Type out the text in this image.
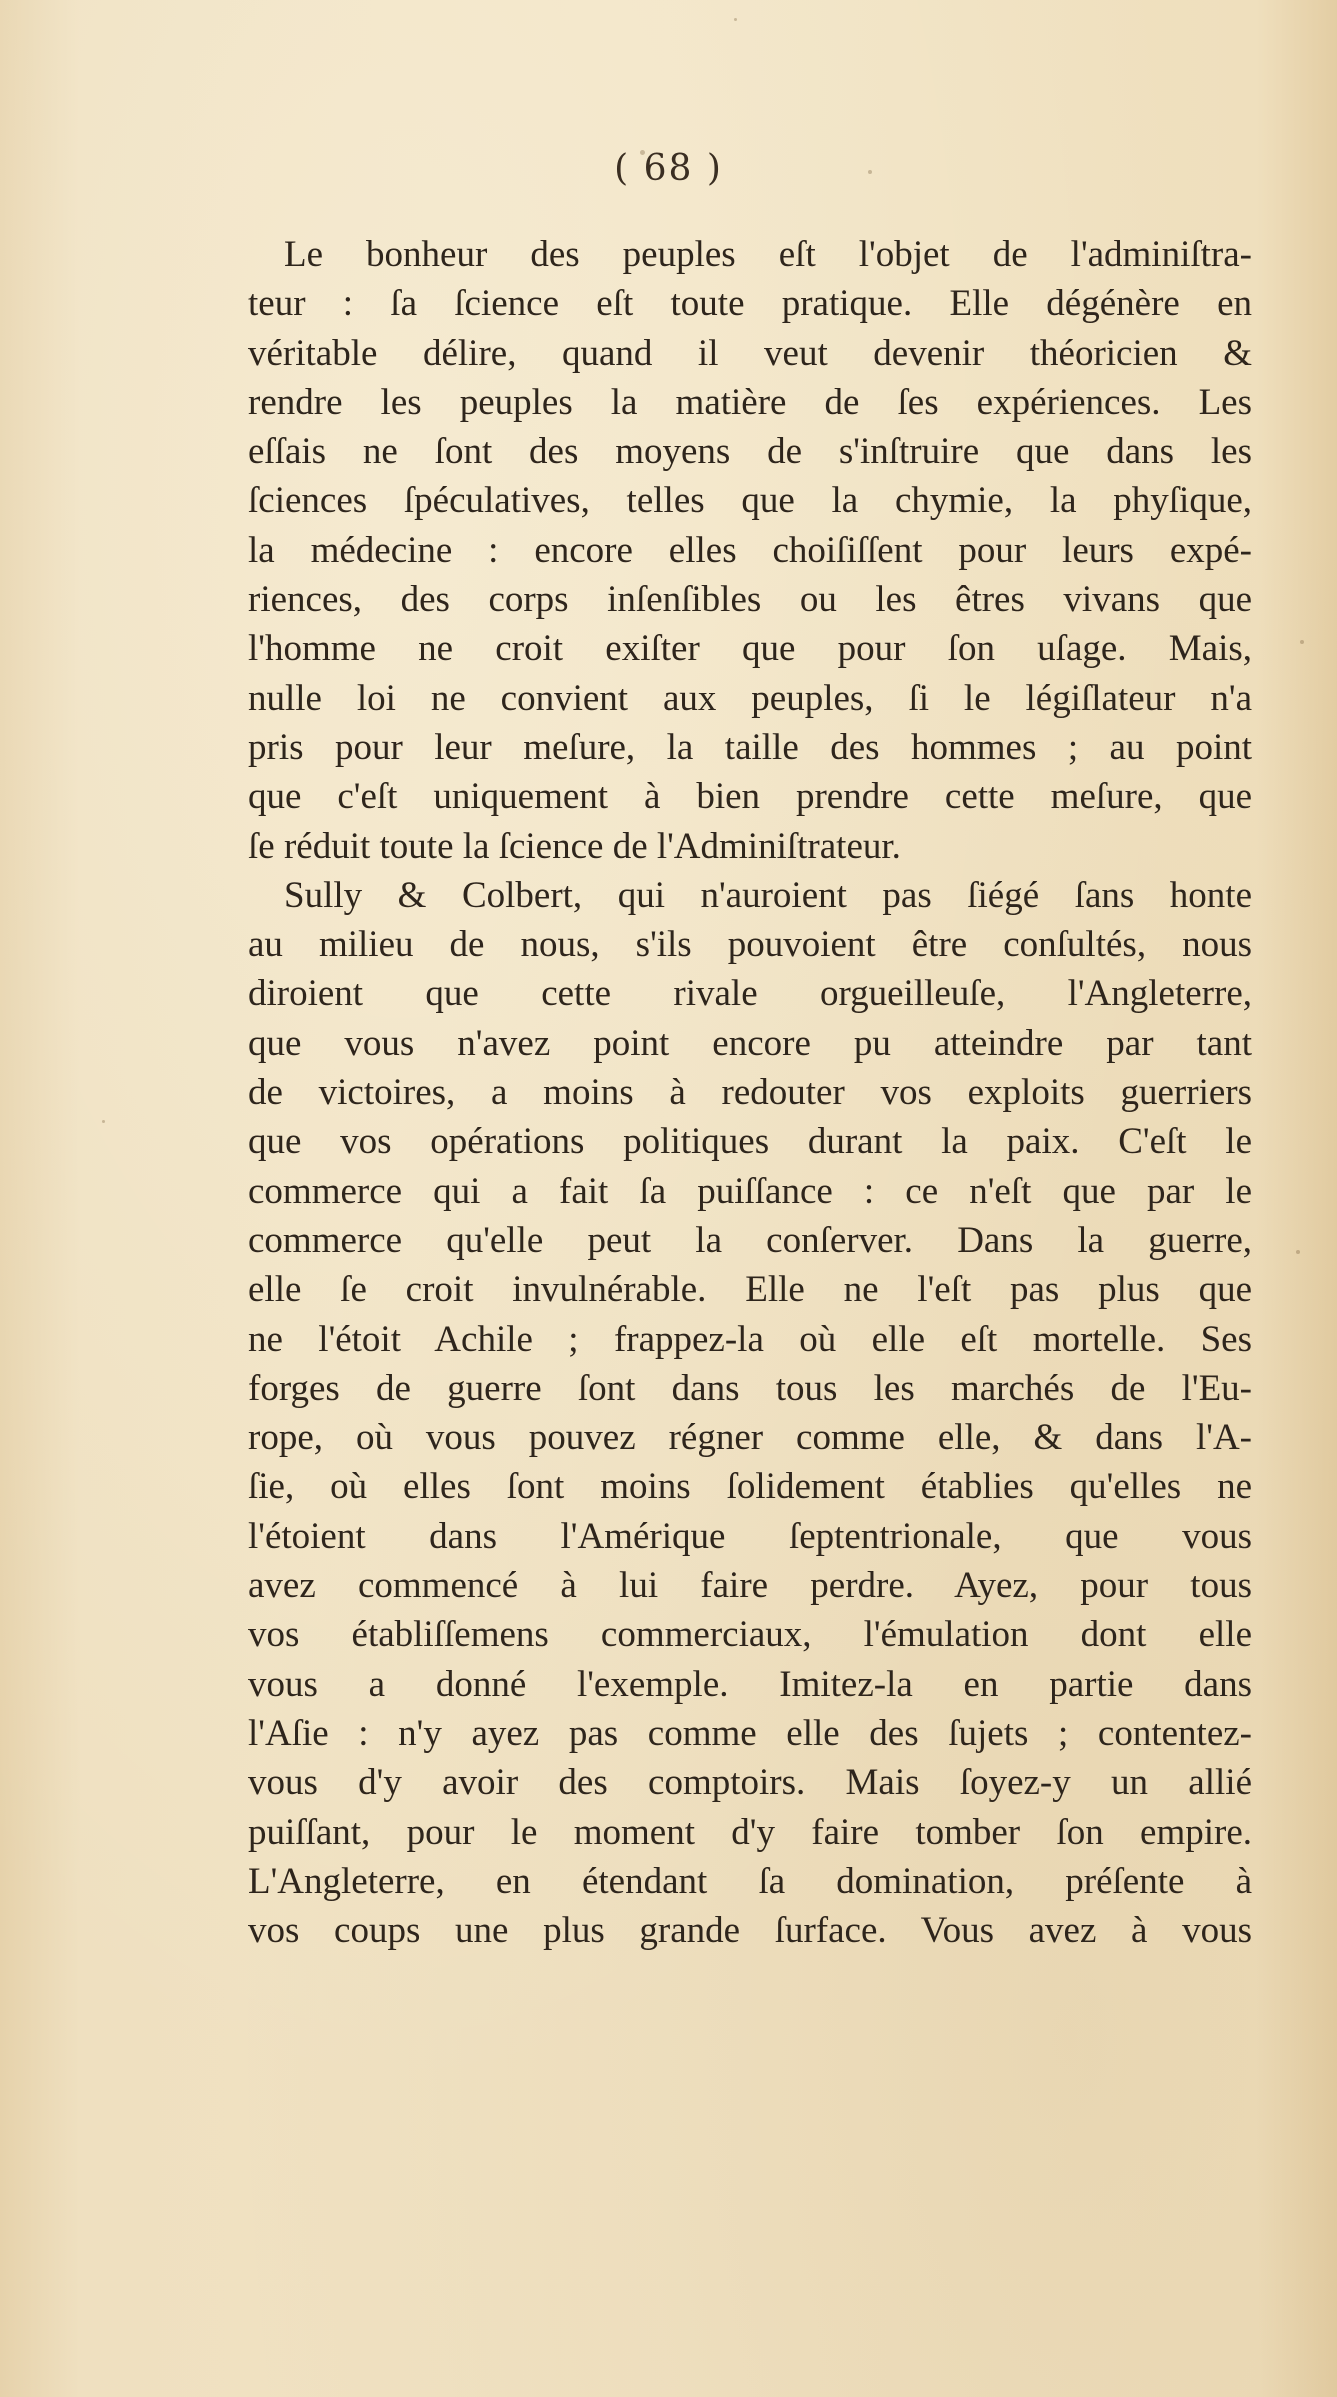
( 68 )

Le bonheur des peuples eſt l'objet de l'adminiſtra-
teur : ſa ſcience eſt toute pratique. Elle dégénère en
véritable délire, quand il veut devenir théoricien &
rendre les peuples la matière de ſes expériences. Les
eſſais ne ſont des moyens de s'inſtruire que dans les
ſciences ſpéculatives, telles que la chymie, la phyſique,
la médecine : encore elles choiſiſſent pour leurs expé-
riences, des corps inſenſibles ou les êtres vivans que
l'homme ne croit exiſter que pour ſon uſage. Mais,
nulle loi ne convient aux peuples, ſi le légiſlateur n'a
pris pour leur meſure, la taille des hommes ; au point
que c'eſt uniquement à bien prendre cette meſure, que
ſe réduit toute la ſcience de l'Adminiſtrateur.

Sully & Colbert, qui n'auroient pas ſiégé ſans honte
au milieu de nous, s'ils pouvoient être conſultés, nous
diroient que cette rivale orgueilleuſe, l'Angleterre,
que vous n'avez point encore pu atteindre par tant
de victoires, a moins à redouter vos exploits guerriers
que vos opérations politiques durant la paix. C'eſt le
commerce qui a fait ſa puiſſance : ce n'eſt que par le
commerce qu'elle peut la conſerver. Dans la guerre,
elle ſe croit invulnérable. Elle ne l'eſt pas plus que
ne l'étoit Achile ; frappez-la où elle eſt mortelle. Ses
forges de guerre ſont dans tous les marchés de l'Eu-
rope, où vous pouvez régner comme elle, & dans l'A-
ſie, où elles ſont moins ſolidement établies qu'elles ne
l'étoient dans l'Amérique ſeptentrionale, que vous
avez commencé à lui faire perdre. Ayez, pour tous
vos établiſſemens commerciaux, l'émulation dont elle
vous a donné l'exemple. Imitez-la en partie dans
l'Aſie : n'y ayez pas comme elle des ſujets ; contentez-
vous d'y avoir des comptoirs. Mais ſoyez-y un allié
puiſſant, pour le moment d'y faire tomber ſon empire.
L'Angleterre, en étendant ſa domination, préſente à
vos coups une plus grande ſurface. Vous avez à vous
